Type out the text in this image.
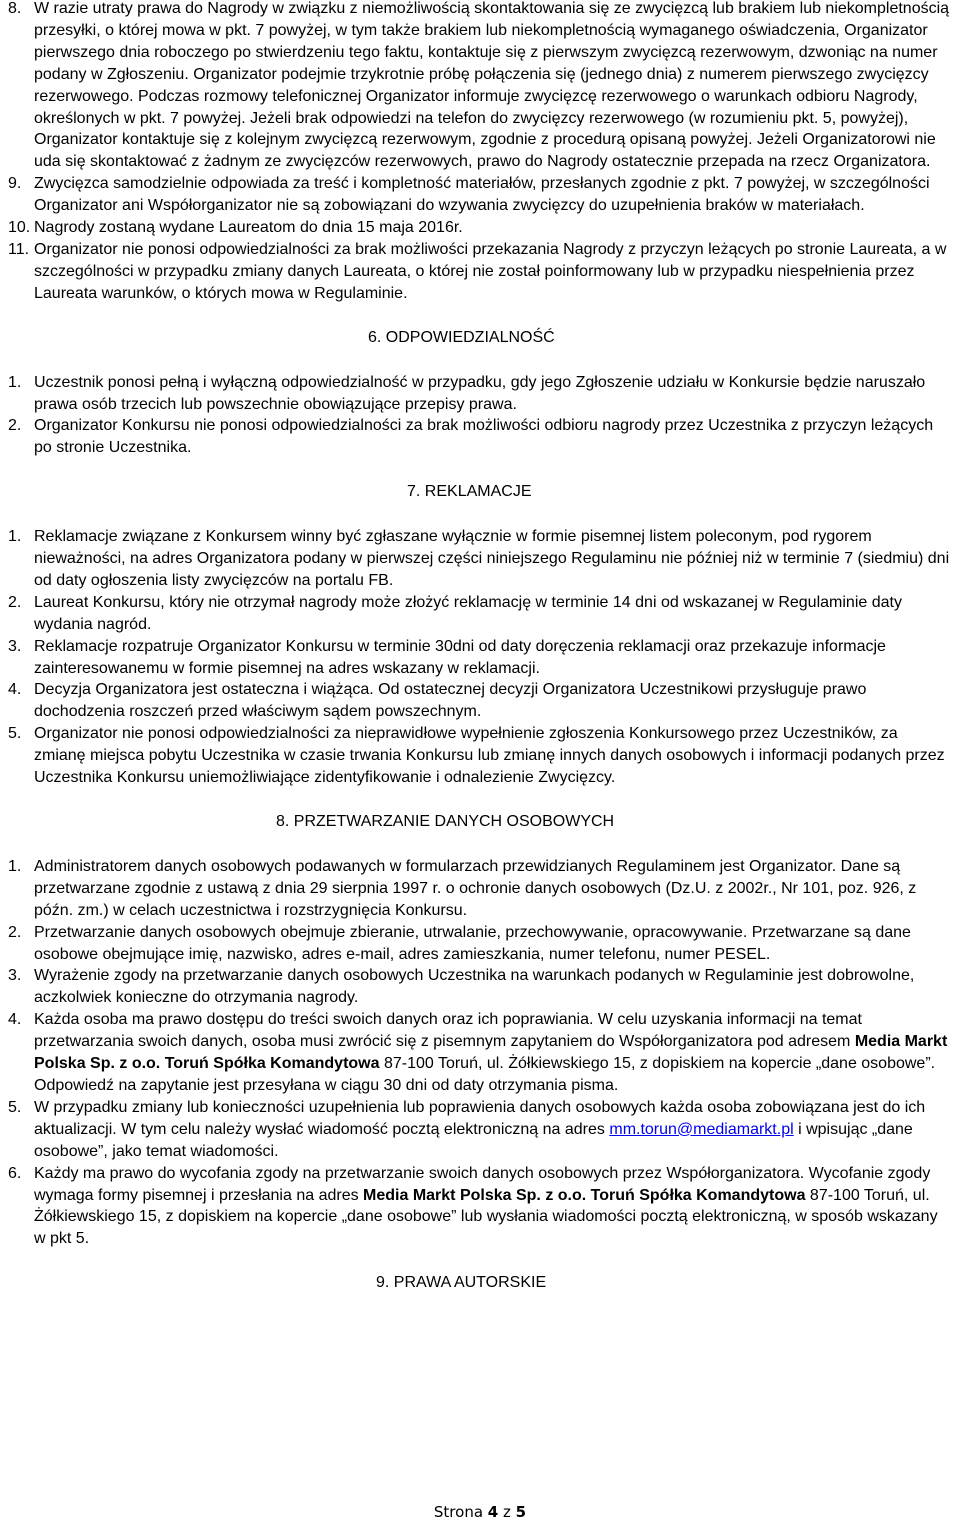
8. W razie utraty prawa do Nagrody w związku z niemożliwością skontaktowania się ze zwycięzcą lub brakiem lub niekompletnością przesyłki, o której mowa w pkt. 7 powyżej, w tym także brakiem lub niekompletnością wymaganego oświadczenia, Organizator pierwszego dnia roboczego po stwierdzeniu tego faktu, kontaktuje się z pierwszym zwycięzcą rezerwowym, dzwoniąc na numer podany w Zgłoszeniu. Organizator podejmie trzykrotnie próbę połączenia się (jednego dnia) z numerem pierwszego zwycięzcy rezerwowego. Podczas rozmowy telefonicznej Organizator informuje zwycięzcę rezerwowego o warunkach odbioru Nagrody, określonych w pkt. 7 powyżej. Jeżeli brak odpowiedzi na telefon do zwycięzcy rezerwowego (w rozumieniu pkt. 5, powyżej), Organizator kontaktuje się z kolejnym zwycięzcą rezerwowym, zgodnie z procedurą opisaną powyżej. Jeżeli Organizatorowi nie uda się skontaktować z żadnym ze zwycięzców rezerwowych, prawo do Nagrody ostatecznie przepada na rzecz Organizatora.
9. Zwycięzca samodzielnie odpowiada za treść i kompletność materiałów, przesłanych zgodnie z pkt. 7 powyżej, w szczególności Organizator ani Współorganizator nie są zobowiązani do wzywania zwycięzcy do uzupełnienia braków w materiałach.
10. Nagrody zostaną wydane Laureatom do dnia 15 maja 2016r.
11. Organizator nie ponosi odpowiedzialności za brak możliwości przekazania Nagrody z przyczyn leżących po stronie Laureata, a w szczególności w przypadku zmiany danych Laureata, o której nie został poinformowany lub w przypadku niespełnienia przez Laureata warunków, o których mowa w Regulaminie.
6. ODPOWIEDZIALNOŚĆ
1. Uczestnik ponosi pełną i wyłączną odpowiedzialność w przypadku, gdy jego Zgłoszenie udziału w Konkursie będzie naruszało prawa osób trzecich lub powszechnie obowiązujące przepisy prawa.
2. Organizator Konkursu nie ponosi odpowiedzialności za brak możliwości odbioru nagrody przez Uczestnika z przyczyn leżących po stronie Uczestnika.
7. REKLAMACJE
1. Reklamacje związane z Konkursem winny być zgłaszane wyłącznie w formie pisemnej listem poleconym, pod rygorem nieważności, na adres Organizatora podany w pierwszej części niniejszego Regulaminu nie później niż w terminie 7 (siedmiu) dni od daty ogłoszenia listy zwycięzców na portalu FB.
2. Laureat Konkursu, który nie otrzymał nagrody może złożyć reklamację w terminie 14 dni od wskazanej w Regulaminie daty wydania nagród.
3. Reklamacje rozpatruje Organizator Konkursu w terminie 30dni od daty doręczenia reklamacji oraz przekazuje informacje zainteresowanemu w formie pisemnej na adres wskazany w reklamacji.
4. Decyzja Organizatora jest ostateczna i wiążąca. Od ostatecznej decyzji Organizatora Uczestnikowi przysługuje prawo dochodzenia roszczeń przed właściwym sądem powszechnym.
5. Organizator nie ponosi odpowiedzialności za nieprawidłowe wypełnienie zgłoszenia Konkursowego przez Uczestników, za zmianę miejsca pobytu Uczestnika w czasie trwania Konkursu lub zmianę innych danych osobowych i informacji podanych przez Uczestnika Konkursu uniemożliwiające zidentyfikowanie i odnalezienie Zwycięzcy.
8. PRZETWARZANIE DANYCH OSOBOWYCH
1. Administratorem danych osobowych podawanych w formularzach przewidzianych Regulaminem jest Organizator. Dane są przetwarzane zgodnie z ustawą z dnia 29 sierpnia 1997 r. o ochronie danych osobowych (Dz.U. z 2002r., Nr 101, poz. 926, z późn. zm.) w celach uczestnictwa i rozstrzygnięcia Konkursu.
2. Przetwarzanie danych osobowych obejmuje zbieranie, utrwalanie, przechowywanie, opracowywanie. Przetwarzane są dane osobowe obejmujące imię, nazwisko, adres e-mail, adres zamieszkania, numer telefonu, numer PESEL.
3. Wyrażenie zgody na przetwarzanie danych osobowych Uczestnika na warunkach podanych w Regulaminie jest dobrowolne, aczkolwiek konieczne do otrzymania nagrody.
4. Każda osoba ma prawo dostępu do treści swoich danych oraz ich poprawiania. W celu uzyskania informacji na temat przetwarzania swoich danych, osoba musi zwrócić się z pisemnym zapytaniem do Współorganizatora pod adresem Media Markt Polska Sp. z o.o. Toruń Spółka Komandytowa 87-100 Toruń, ul. Żółkiewskiego 15, z dopiskiem na kopercie „dane osobowe”. Odpowiedź na zapytanie jest przesyłana w ciągu 30 dni od daty otrzymania pisma.
5. W przypadku zmiany lub konieczności uzupełnienia lub poprawienia danych osobowych każda osoba zobowiązana jest do ich aktualizacji. W tym celu należy wysłać wiadomość pocztą elektroniczną na adres mm.torun@mediamarkt.pl i wpisując „dane osobowe”, jako temat wiadomości.
6. Każdy ma prawo do wycofania zgody na przetwarzanie swoich danych osobowych przez Współorganizatora. Wycofanie zgody wymaga formy pisemnej i przesłania na adres Media Markt Polska Sp. z o.o. Toruń Spółka Komandytowa 87-100 Toruń, ul. Żółkiewskiego 15, z dopiskiem na kopercie „dane osobowe” lub wysłania wiadomości pocztą elektroniczną, w sposób wskazany w pkt 5.
9. PRAWA AUTORSKIE
Strona 4 z 5
